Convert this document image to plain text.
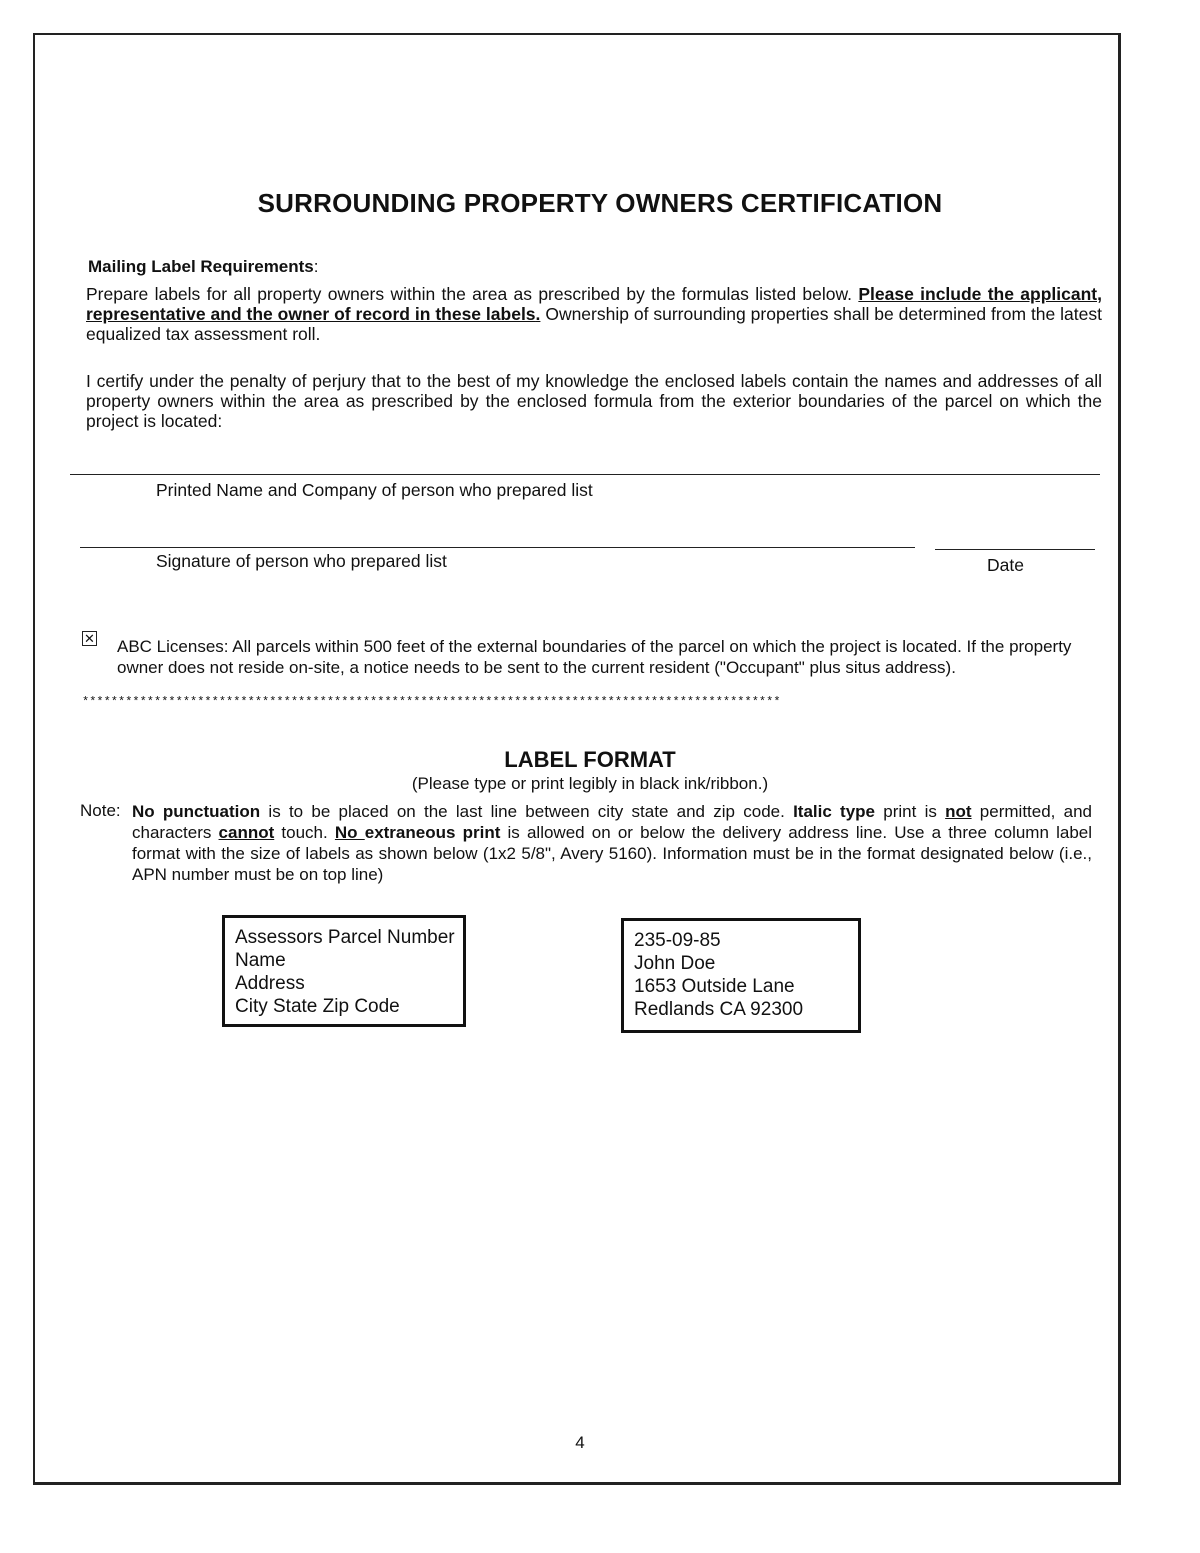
SURROUNDING PROPERTY OWNERS CERTIFICATION
Mailing Label Requirements:
Prepare labels for all property owners within the area as prescribed by the formulas listed below. Please include the applicant, representative and the owner of record in these labels. Ownership of surrounding properties shall be determined from the latest equalized tax assessment roll.
I certify under the penalty of perjury that to the best of my knowledge the enclosed labels contain the names and addresses of all property owners within the area as prescribed by the enclosed formula from the exterior boundaries of the parcel on which the project is located:
Printed Name and Company of person who prepared list
Signature of person who prepared list	Date
✕ ABC Licenses: All parcels within 500 feet of the external boundaries of the parcel on which the project is located. If the property owner does not reside on-site, a notice needs to be sent to the current resident ("Occupant" plus situs address).
*************************************************************************************************
LABEL FORMAT
(Please type or print legibly in black ink/ribbon.)
Note: No punctuation is to be placed on the last line between city state and zip code. Italic type print is not permitted, and characters cannot touch. No extraneous print is allowed on or below the delivery address line. Use a three column label format with the size of labels as shown below (1x2 5/8", Avery 5160). Information must be in the format designated below (i.e., APN number must be on top line)
Assessors Parcel Number
Name
Address
City State Zip Code
235-09-85
John Doe
1653 Outside Lane
Redlands CA 92300
4
